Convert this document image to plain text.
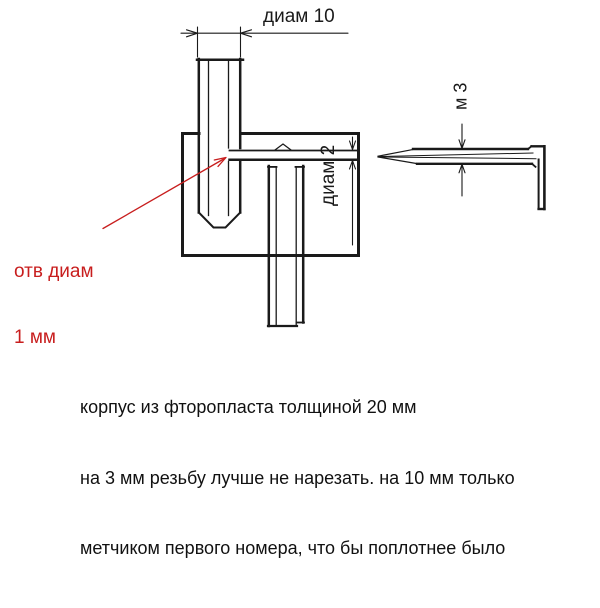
диам 10
м 3
диам 2

отв диам

1 мм

корпус из фторопласта толщиной 20 мм

на 3 мм резьбу лучше не нарезать. на 10 мм только

метчиком первого номера, что бы поплотнее было
